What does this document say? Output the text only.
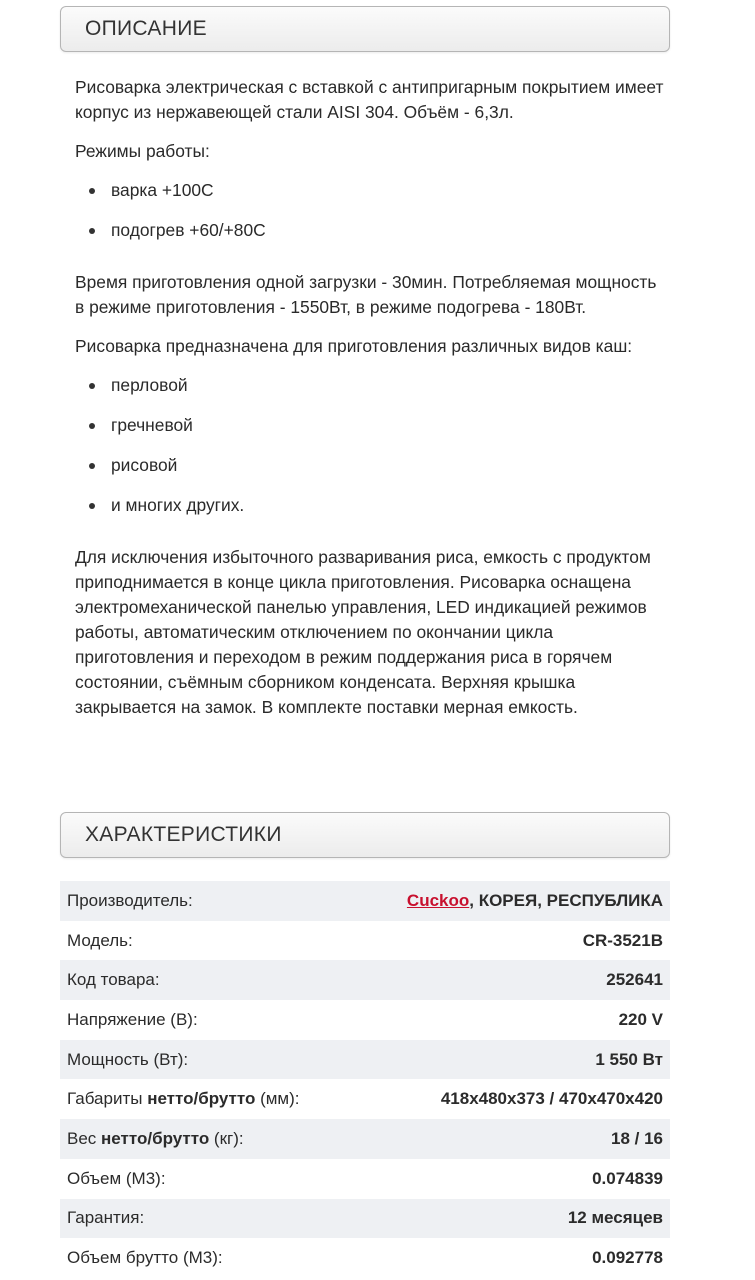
ОПИСАНИЕ

Рисоварка электрическая с вставкой с антипригарным покрытием имеет корпус из нержавеющей стали AISI 304. Объём - 6,3л.

Режимы работы:

варка +100С
подогрев +60/+80С

Время приготовления одной загрузки - 30мин. Потребляемая мощность в режиме приготовления - 1550Вт, в режиме подогрева - 180Вт.

Рисоварка предназначена для приготовления различных видов каш:

перловой
гречневой
рисовой
и многих других.

Для исключения избыточного разваривания риса, емкость с продуктом приподнимается в конце цикла приготовления. Рисоварка оснащена электромеханической панелью управления, LED индикацией режимов работы, автоматическим отключением по окончании цикла приготовления и переходом в режим поддержания риса в горячем состоянии, съёмным сборником конденсата. Верхняя крышка закрывается на замок. В комплекте поставки мерная емкость.

ХАРАКТЕРИСТИКИ
Производитель:	Cuckoo, КОРЕЯ, РЕСПУБЛИКА
Модель:	CR-3521B
Код товара:	252641
Напряжение (В):	220 V
Мощность (Вт):	1 550 Вт
Габариты нетто/брутто (мм):	418x480x373 / 470x470x420
Вес нетто/брутто (кг):	18 / 16
Объем (М3):	0.074839
Гарантия:	12 месяцев
Объем брутто (М3):	0.092778
